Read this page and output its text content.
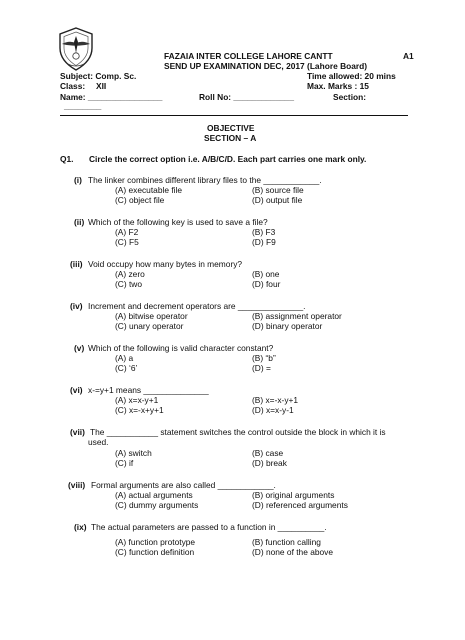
FAZAIA INTER COLLEGE LAHORE CANTT	A1
SEND UP EXAMINATION DEC, 2017 (Lahore Board)
Subject: Comp. Sc.	Time allowed: 20 mins
Class: XII	Max. Marks : 15
Name: ________________	Roll No: _____________	Section:
________
OBJECTIVE
SECTION – A
Q1. Circle the correct option i.e. A/B/C/D. Each part carries one mark only.
(i) The linker combines different library files to the ____________.
(A) executable file	(B) source file
(C) object file	(D) output file
(ii) Which of the following key is used to save a file?
(A) F2	(B) F3
(C) F5	(D) F9
(iii) Void occupy how many bytes in memory?
(A) zero	(B) one
(C) two	(D) four
(iv) Increment and decrement operators are ______________.
(A) bitwise operator	(B) assignment operator
(C) unary operator	(D) binary operator
(v) Which of the following is valid character constant?
(A) a	(B) “b”
(C) ‘6’	(D) =
(vi) x-=y+1 means ______________
(A) x=x-y+1	(B) x=-x-y+1
(C) x=-x+y+1	(D) x=x-y-1
(vii) The ___________ statement switches the control outside the block in which it is
used.
(A) switch	(B) case
(C) if	(D) break
(viii) Formal arguments are also called ____________.
(A) actual arguments	(B) original arguments
(C) dummy arguments	(D) referenced arguments
(ix) The actual parameters are passed to a function in __________.
(A) function prototype	(B) function calling
(C) function definition	(D) none of the above
